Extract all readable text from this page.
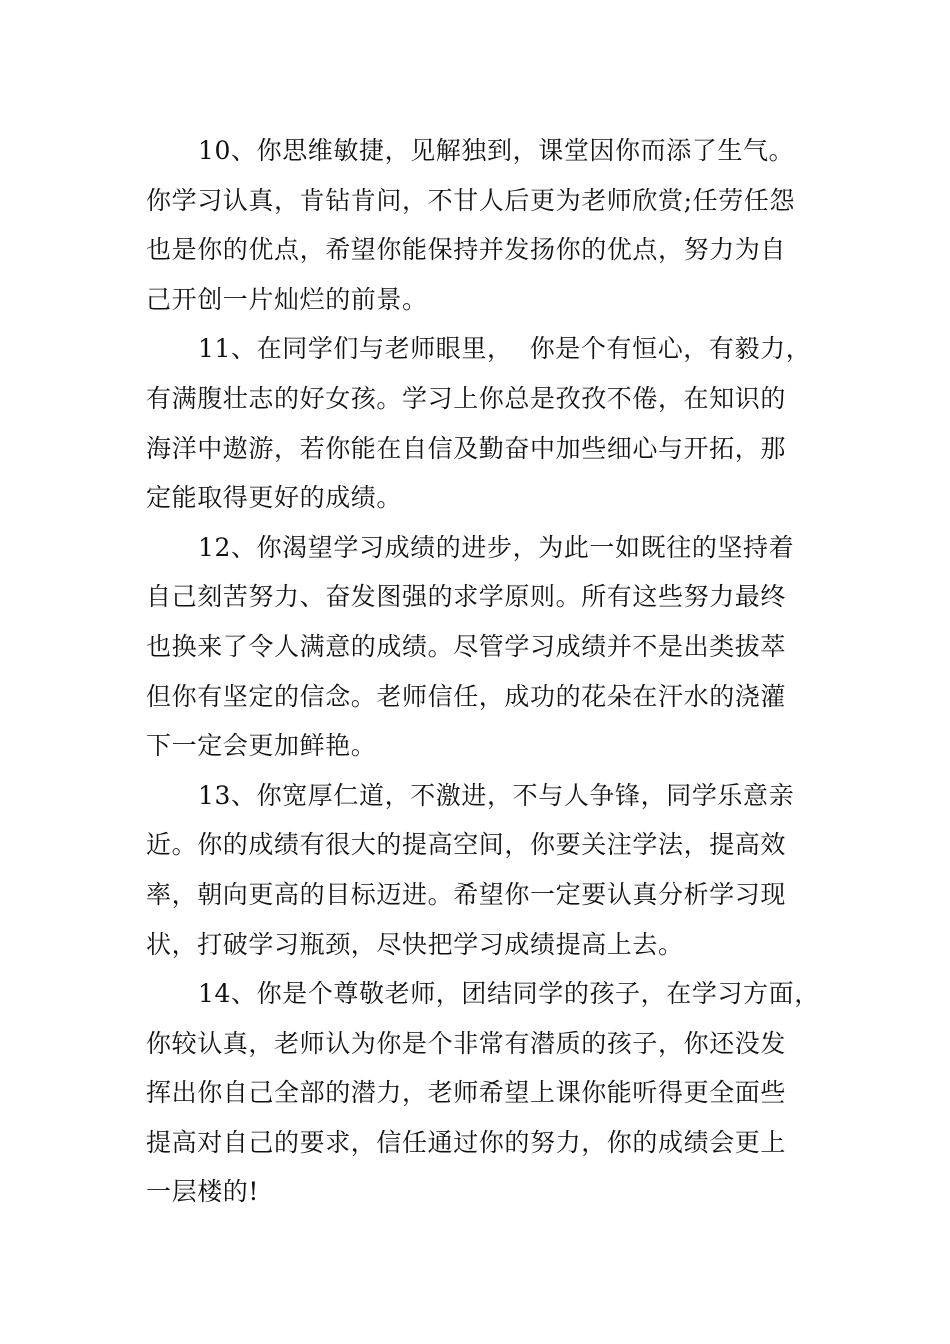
10、你思维敏捷，见解独到，课堂因你而添了生气。
你学习认真，肯钻肯问，不甘人后更为老师欣赏;任劳任怨
也是你的优点，希望你能保持并发扬你的优点，努力为自
己开创一片灿烂的前景。

11、在同学们与老师眼里，  你是个有恒心，有毅力，
有满腹壮志的好女孩。学习上你总是孜孜不倦，在知识的
海洋中遨游，若你能在自信及勤奋中加些细心与开拓，那
定能取得更好的成绩。

12、你渴望学习成绩的进步，为此一如既往的坚持着
自己刻苦努力、奋发图强的求学原则。所有这些努力最终
也换来了令人满意的成绩。尽管学习成绩并不是出类拔萃
但你有坚定的信念。老师信任，成功的花朵在汗水的浇灌
下一定会更加鲜艳。

13、你宽厚仁道，不激进，不与人争锋，同学乐意亲
近。你的成绩有很大的提高空间，你要关注学法，提高效
率，朝向更高的目标迈进。希望你一定要认真分析学习现
状，打破学习瓶颈，尽快把学习成绩提高上去。

14、你是个尊敬老师，团结同学的孩子，在学习方面，
你较认真，老师认为你是个非常有潜质的孩子，你还没发
挥出你自己全部的潜力，老师希望上课你能听得更全面些
提高对自己的要求，信任通过你的努力，你的成绩会更上
一层楼的!
